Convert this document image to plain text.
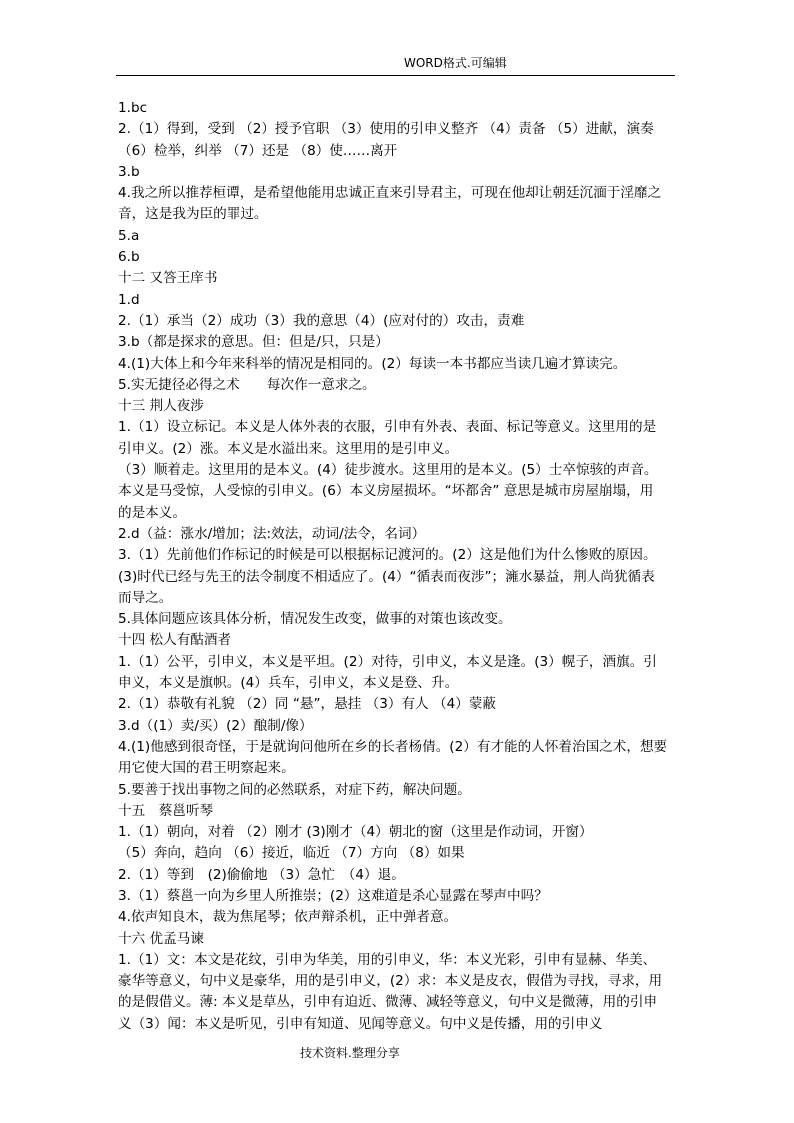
WORD格式.可编辑
1.bc
2.（1）得到，受到 （2）授予官职 （3）使用的引申义整齐 （4）责备 （5）进献，演奏
（6）检举，纠举 （7）还是 （8）使……离开
3.b
4.我之所以推荐桓谭，是希望他能用忠诚正直来引导君主，可现在他却让朝廷沉湎于淫靡之
音，这是我为臣的罪过。
5.a
6.b
十二 又答王庠书
1.d
2.（1）承当（2）成功（3）我的意思（4）(应对付的）攻击，责难
3.b（都是探求的意思。但：但是/只，只是）
4.(1)大体上和今年来科举的情况是相同的。(2）每读一本书都应当读几遍才算读完。
5.实无捷径必得之术　　每次作一意求之。
十三 荆人夜涉
1.（1）设立标记。本义是人体外表的衣服，引申有外表、表面、标记等意义。这里用的是
引申义。(2）涨。本义是水溢出来。这里用的是引申义。
（3）顺着走。这里用的是本义。(4）徒步渡水。这里用的是本义。(5）士卒惊骇的声音。
本义是马受惊，人受惊的引申义。(6）本义房屋损坏。“坏都舍” 意思是城市房屋崩塌，用
的是本义。
2.d（益：涨水/增加；法:效法，动词/法令，名词）
3.（1）先前他们作标记的时候是可以根据标记渡河的。(2）这是他们为什么惨败的原因。
(3)时代已经与先王的法令制度不相适应了。(4）“循表而夜涉”；澭水暴益，荆人尚犹循表
而导之。
5.具体问题应该具体分析，情况发生改变，做事的对策也该改变。
十四 松人有酤酒者
1.（1）公平，引申义，本义是平坦。(2）对待，引申义，本义是逢。(3）幌子，酒旗。引
申义，本义是旗帜。(4）兵车，引申义，本义是登、升。
2.（1）恭敬有礼貌 （2）同 “悬”，悬挂 （3）有人 （4）蒙蔽
3.d（(1）卖/买）(2）酿制/像）
4.(1)他感到很奇怪，于是就询问他所在乡的长者杨倩。(2）有才能的人怀着治国之术，想要
用它使大国的君王明察起来。
5.要善于找出事物之间的必然联系，对症下药，解决问题。
十五　蔡邕听琴
1.（1）朝向，对着 （2）刚才 (3)刚才（4）朝北的窗（这里是作动词，开窗）
（5）奔向，趋向 （6）接近，临近 （7）方向 （8）如果
2.（1）等到　(2)偷偷地 （3）急忙　（4）退。
3.（1）蔡邕一向为乡里人所推崇；(2）这难道是杀心显露在琴声中吗？
4.依声知良木，裁为焦尾琴；依声辩杀机，正中弹者意。
十六 优孟马谏
1.（1）文：本文是花纹，引申为华美，用的引申义，华：本义光彩，引申有显赫、华美、
豪华等意义，句中义是豪华，用的是引申义，(2）求：本义是皮衣，假借为寻找，寻求，用
的是假借义。薄: 本义是草丛，引申有迫近、微薄、减轻等意义，句中义是微薄，用的引申
义（3）闻：本义是听见，引申有知道、见闻等意义。句中义是传播，用的引申义
技术资料.整理分享
